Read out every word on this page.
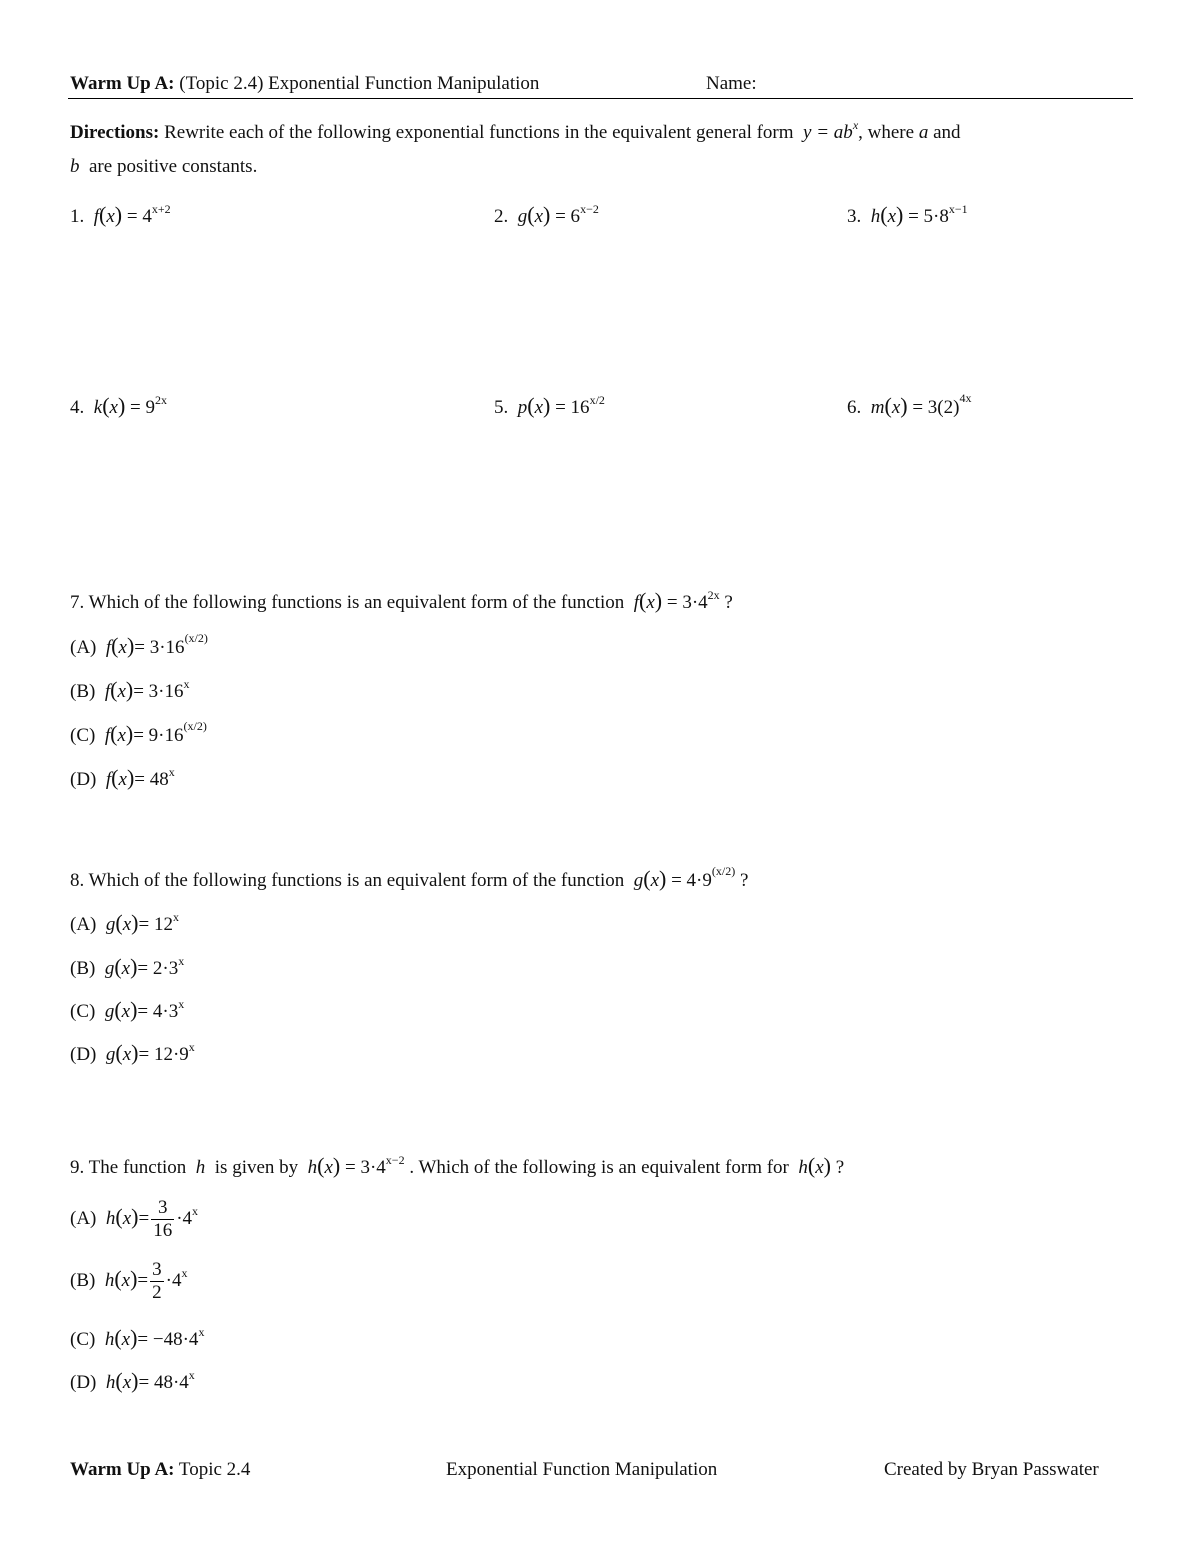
Warm Up A: (Topic 2.4) Exponential Function Manipulation	Name:
Directions: Rewrite each of the following exponential functions in the equivalent general form $y = ab^x$, where a and
b are positive constants.
1. $f(x) = 4^{x+2}$	2. $g(x) = 6^{x-2}$	3. $h(x) = 5\cdot 8^{x-1}$
4. $k(x) = 9^{2x}$	5. $p(x) = 16^{x/2}$	6. $m(x) = 3(2)^{4x}$
7. Which of the following functions is an equivalent form of the function $f(x) = 3\cdot 4^{2x}$ ?
(A) $f(x)= 3\cdot 16^{(x/2)}$
(B) $f(x)= 3\cdot 16^x$
(C) $f(x)= 9\cdot 16^{(x/2)}$
(D) $f(x)= 48^x$
8. Which of the following functions is an equivalent form of the function $g(x) = 4\cdot 9^{(x/2)}$ ?
(A) $g(x)= 12^x$
(B) $g(x)= 2\cdot 3^x$
(C) $g(x)= 4\cdot 3^x$
(D) $g(x)= 12\cdot 9^x$
9. The function h is given by $h(x) = 3\cdot 4^{x-2}$ . Which of the following is an equivalent form for h(x) ?
(A) $h(x)= \frac{3}{16} \cdot 4^x$
(B) $h(x)= \frac{3}{2} \cdot 4^x$
(C) $h(x)= -48\cdot 4^x$
(D) $h(x)= 48\cdot 4^x$
Warm Up A: Topic 2.4	Exponential Function Manipulation	Created by Bryan Passwater
